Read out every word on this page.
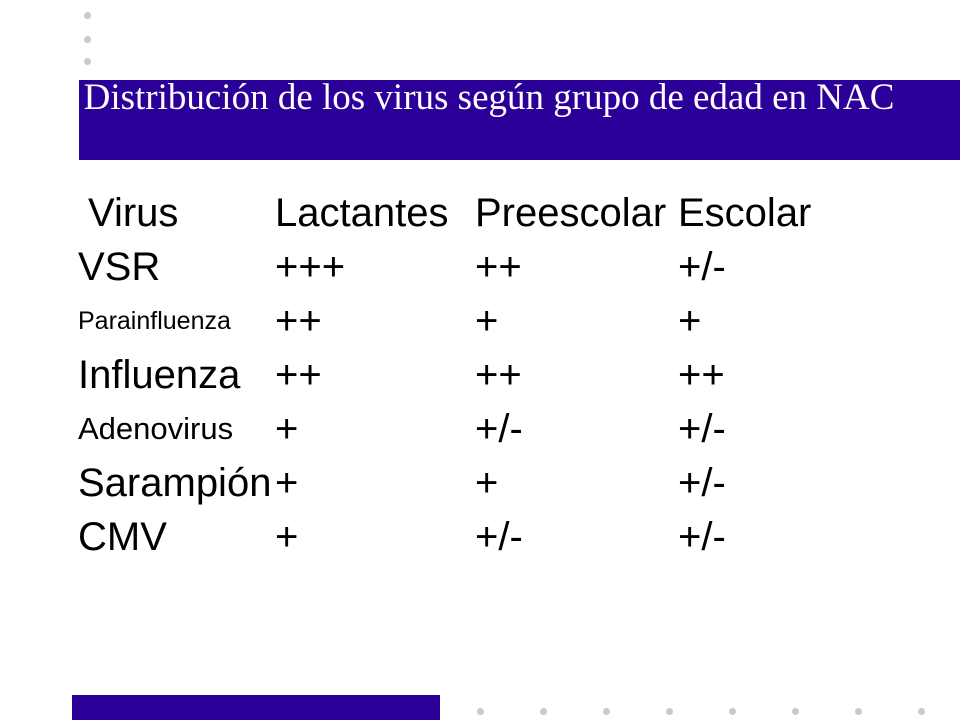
Distribución de los virus según grupo de edad en NAC
Virus	Lactantes	Preescolar	Escolar
VSR	+++	++	+/-
Parainfluenza	++	+	+
Influenza	++	++	++
Adenovirus	+	+/-	+/-
Sarampión	+	+	+/-
CMV	+	+/-	+/-
